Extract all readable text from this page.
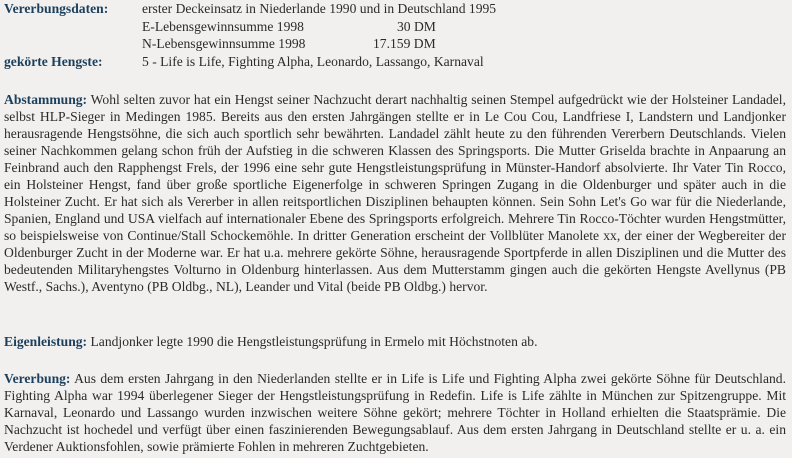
Vererbungsdaten: erster Deckeinsatz in Niederlande 1990 und in Deutschland 1995
E-Lebensgewinnsumme 1998	30 DM
N-Lebensgewinnsumme 1998	17.159 DM
gekörte Hengste:	5 - Life is Life, Fighting Alpha, Leonardo, Lassango, Karnaval

Abstammung: Wohl selten zuvor hat ein Hengst seiner Nachzucht derart nachhaltig seinen Stempel aufgedrückt wie der Holsteiner Landadel, selbst HLP-Sieger in Medingen 1985. Bereits aus den ersten Jahrgängen stellte er in Le Cou Cou, Landfriese I, Landstern und Landjonker herausragende Hengstsöhne, die sich auch sportlich sehr bewährten. Landadel zählt heute zu den führenden Vererbern Deutschlands. Vielen seiner Nachkommen gelang schon früh der Aufstieg in die schweren Klassen des Springsports. Die Mutter Griselda brachte in Anpaarung an Feinbrand auch den Rapphengst Frels, der 1996 eine sehr gute Hengstleistungsprüfung in Münster-Handorf absolvierte. Ihr Vater Tin Rocco, ein Holsteiner Hengst, fand über große sportliche Eigenerfolge in schweren Springen Zugang in die Oldenburger und später auch in die Holsteiner Zucht. Er hat sich als Vererber in allen reitsportlichen Disziplinen behaupten können. Sein Sohn Let's Go war für die Niederlande, Spanien, England und USA vielfach auf internationaler Ebene des Springsports erfolgreich. Mehrere Tin Rocco-Töchter wurden Hengstmütter, so beispielsweise von Continue/Stall Schockemöhle. In dritter Generation erscheint der Vollblüter Manolete xx, der einer der Wegbereiter der Oldenburger Zucht in der Moderne war. Er hat u.a. mehrere gekörte Söhne, herausragende Sportpferde in allen Disziplinen und die Mutter des bedeutenden Militaryhengstes Volturno in Oldenburg hinterlassen. Aus dem Mutterstamm gingen auch die gekörten Hengste Avellynus (PB Westf., Sachs.), Aventyno (PB Oldbg., NL), Leander und Vital (beide PB Oldbg.) hervor.

Eigenleistung: Landjonker legte 1990 die Hengstleistungsprüfung in Ermelo mit Höchstnoten ab.

Vererbung: Aus dem ersten Jahrgang in den Niederlanden stellte er in Life is Life und Fighting Alpha zwei gekörte Söhne für Deutschland. Fighting Alpha war 1994 überlegener Sieger der Hengstleistungsprüfung in Redefin. Life is Life zählte in München zur Spitzengruppe. Mit Karnaval, Leonardo und Lassango wurden inzwischen weitere Söhne gekört; mehrere Töchter in Holland erhielten die Staatsprämie. Die Nachzucht ist hochedel und verfügt über einen faszinierenden Bewegungsablauf. Aus dem ersten Jahrgang in Deutschland stellte er u. a. ein Verdener Auktionsfohlen, sowie prämierte Fohlen in mehreren Zuchtgebieten.
